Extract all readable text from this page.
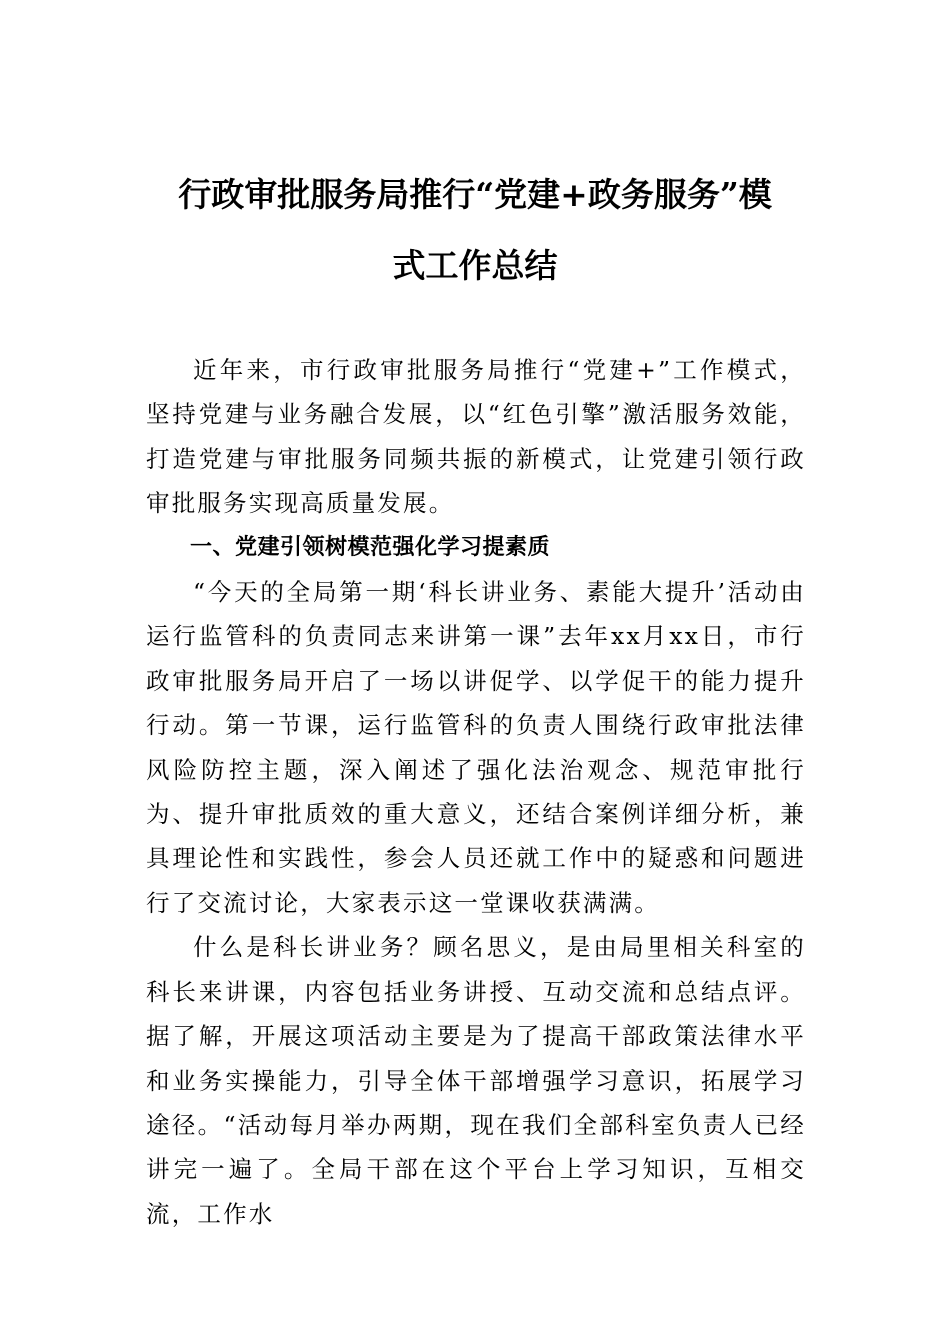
行政审批服务局推行“党建+政务服务”模
式工作总结

近年来，市行政审批服务局推行“党建+”工作模式，坚持党建与业务融合发展，以“红色引擎”激活服务效能，打造党建与审批服务同频共振的新模式，让党建引领行政审批服务实现高质量发展。

一、党建引领树模范强化学习提素质

“今天的全局第一期‘科长讲业务、素能大提升’活动由运行监管科的负责同志来讲第一课”去年xx月xx日，市行政审批服务局开启了一场以讲促学、以学促干的能力提升行动。第一节课，运行监管科的负责人围绕行政审批法律风险防控主题，深入阐述了强化法治观念、规范审批行为、提升审批质效的重大意义，还结合案例详细分析，兼具理论性和实践性，参会人员还就工作中的疑惑和问题进行了交流讨论，大家表示这一堂课收获满满。

什么是科长讲业务？顾名思义，是由局里相关科室的科长来讲课，内容包括业务讲授、互动交流和总结点评。据了解，开展这项活动主要是为了提高干部政策法律水平和业务实操能力，引导全体干部增强学习意识，拓展学习途径。“活动每月举办两期，现在我们全部科室负责人已经讲完一遍了。全局干部在这个平台上学习知识，互相交流，工作水
